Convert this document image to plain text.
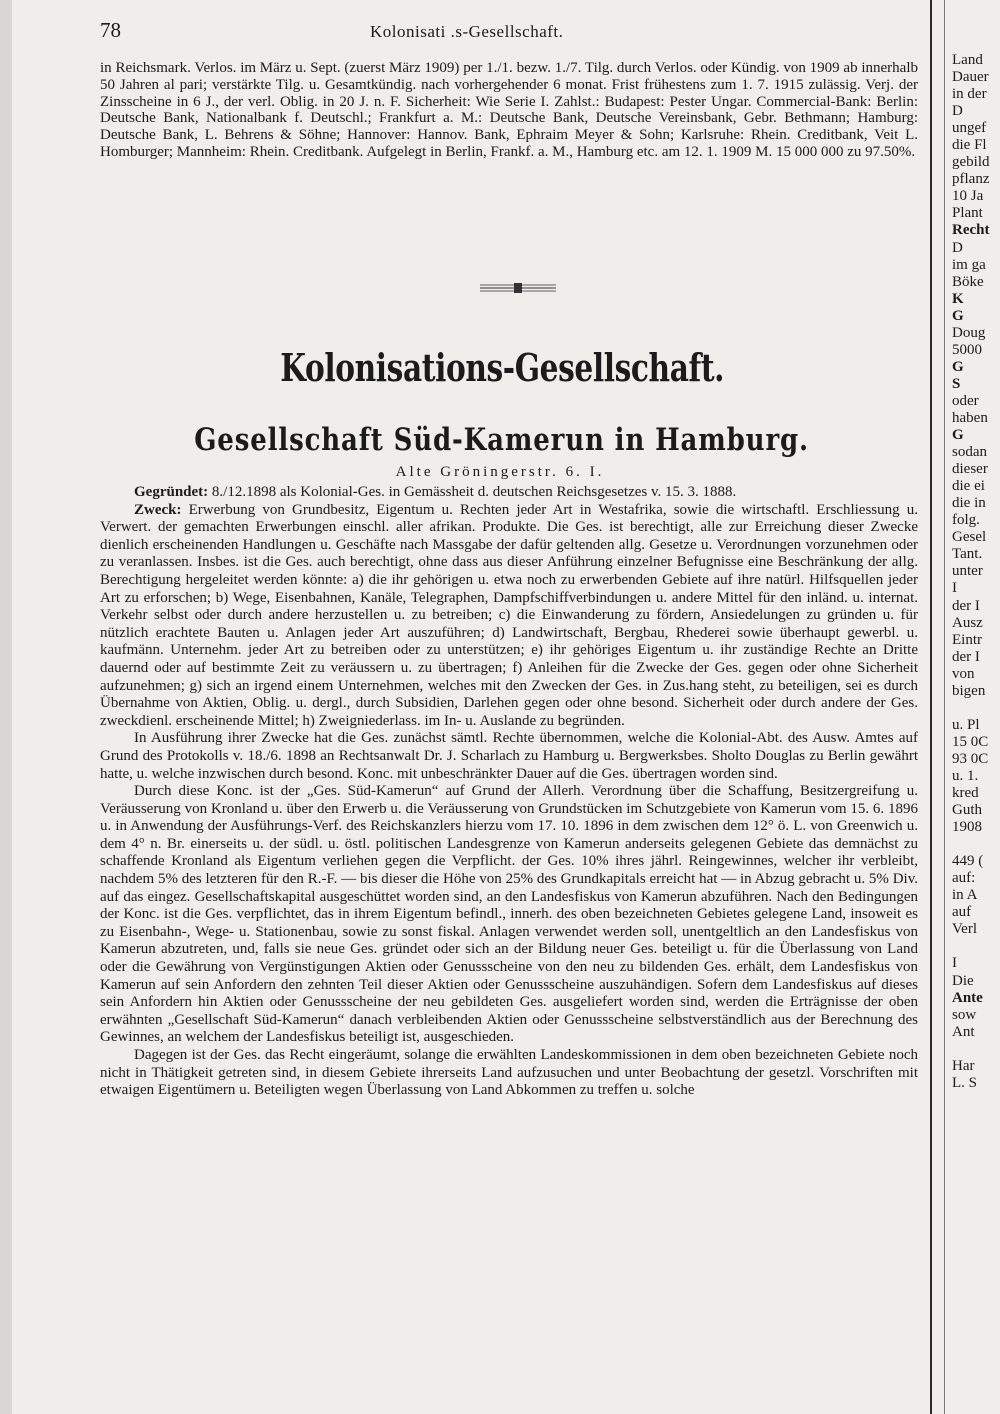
78	Kolonisati .s-Gesellschaft.

in Reichsmark. Verlos. im März u. Sept. (zuerst März 1909) per 1./1. bezw. 1./7. Tilg. durch Verlos. oder Kündig. von 1909 ab innerhalb 50 Jahren al pari; verstärkte Tilg. u. Gesamtkündig. nach vorhergehender 6 monat. Frist frühestens zum 1. 7. 1915 zulässig. Verj. der Zinsscheine in 6 J., der verl. Oblig. in 20 J. n. F. Sicherheit: Wie Serie I. Zahlst.: Budapest: Pester Ungar. Commercial-Bank: Berlin: Deutsche Bank, Nationalbank f. Deutschl.; Frankfurt a. M.: Deutsche Bank, Deutsche Vereinsbank, Gebr. Bethmann; Hamburg: Deutsche Bank, L. Behrens & Söhne; Hannover: Hannov. Bank, Ephraim Meyer & Sohn; Karlsruhe: Rhein. Creditbank, Veit L. Homburger; Mannheim: Rhein. Creditbank. Aufgelegt in Berlin, Frankf. a. M., Hamburg etc. am 12. 1. 1909 M. 15 000 000 zu 97.50%.

Kolonisations-Gesellschaft.
Gesellschaft Süd-Kamerun in Hamburg.
Alte Gröningerstr. 6. I.

Gegründet: 8./12.1898 als Kolonial-Ges. in Gemässheit d. deutschen Reichsgesetzes v. 15. 3. 1888.

Zweck: Erwerbung von Grundbesitz, Eigentum u. Rechten jeder Art in Westafrika, sowie die wirtschaftl. Erschliessung u. Verwert. der gemachten Erwerbungen einschl. aller afrikan. Produkte. Die Ges. ist berechtigt, alle zur Erreichung dieser Zwecke dienlich erscheinenden Handlungen u. Geschäfte nach Massgabe der dafür geltenden allg. Gesetze u. Verordnungen vorzunehmen oder zu veranlassen. Insbes. ist die Ges. auch berechtigt, ohne dass aus dieser Anführung einzelner Befugnisse eine Beschränkung der allg. Berechtigung hergeleitet werden könnte: a) die ihr gehörigen u. etwa noch zu erwerbenden Gebiete auf ihre natürl. Hilfsquellen jeder Art zu erforschen; b) Wege, Eisenbahnen, Kanäle, Telegraphen, Dampfschiffverbindungen u. andere Mittel für den inländ. u. internat. Verkehr selbst oder durch andere herzustellen u. zu betreiben; c) die Einwanderung zu fördern, Ansiedelungen zu gründen u. für nützlich erachtete Bauten u. Anlagen jeder Art auszuführen; d) Landwirtschaft, Bergbau, Rhederei sowie überhaupt gewerbl. u. kaufmänn. Unternehm. jeder Art zu betreiben oder zu unterstützen; e) ihr gehöriges Eigentum u. ihr zuständige Rechte an Dritte dauernd oder auf bestimmte Zeit zu veräussern u. zu übertragen; f) Anleihen für die Zwecke der Ges. gegen oder ohne Sicherheit aufzunehmen; g) sich an irgend einem Unternehmen, welches mit den Zwecken der Ges. in Zus.hang steht, zu beteiligen, sei es durch Übernahme von Aktien, Oblig. u. dergl., durch Subsidien, Darlehen gegen oder ohne besond. Sicherheit oder durch andere der Ges. zweckdienl. erscheinende Mittel; h) Zweigniederlass. im In- u. Auslande zu begründen.

In Ausführung ihrer Zwecke hat die Ges. zunächst sämtl. Rechte übernommen, welche die Kolonial-Abt. des Ausw. Amtes auf Grund des Protokolls v. 18./6. 1898 an Rechtsanwalt Dr. J. Scharlach zu Hamburg u. Bergwerksbes. Sholto Douglas zu Berlin gewährt hatte, u. welche inzwischen durch besond. Konc. mit unbeschränkter Dauer auf die Ges. übertragen worden sind.

Durch diese Konc. ist der „Ges. Süd-Kamerun“ auf Grund der Allerh. Verordnung über die Schaffung, Besitzergreifung u. Veräusserung von Kronland u. über den Erwerb u. die Veräusserung von Grundstücken im Schutzgebiete von Kamerun vom 15. 6. 1896 u. in Anwendung der Ausführungs-Verf. des Reichskanzlers hierzu vom 17. 10. 1896 in dem zwischen dem 12° ö. L. von Greenwich u. dem 4° n. Br. einerseits u. der südl. u. östl. politischen Landesgrenze von Kamerun anderseits gelegenen Gebiete das demnächst zu schaffende Kronland als Eigentum verliehen gegen die Verpflicht. der Ges. 10% ihres jährl. Reingewinnes, welcher ihr verbleibt, nachdem 5% des letzteren für den R.-F. — bis dieser die Höhe von 25% des Grundkapitals erreicht hat — in Abzug gebracht u. 5% Div. auf das eingez. Gesellschaftskapital ausgeschüttet worden sind, an den Landesfiskus von Kamerun abzuführen. Nach den Bedingungen der Konc. ist die Ges. verpflichtet, das in ihrem Eigentum befindl., innerh. des oben bezeichneten Gebietes gelegene Land, insoweit es zu Eisenbahn-, Wege- u. Stationenbau, sowie zu sonst fiskal. Anlagen verwendet werden soll, unentgeltlich an den Landesfiskus von Kamerun abzutreten, und, falls sie neue Ges. gründet oder sich an der Bildung neuer Ges. beteiligt u. für die Überlassung von Land oder die Gewährung von Vergünstigungen Aktien oder Genussscheine von den neu zu bildenden Ges. erhält, dem Landesfiskus von Kamerun auf sein Anfordern den zehnten Teil dieser Aktien oder Genussscheine auszuhändigen. Sofern dem Landesfiskus auf dieses sein Anfordern hin Aktien oder Genussscheine der neu gebildeten Ges. ausgeliefert worden sind, werden die Erträgnisse der oben erwähnten „Gesellschaft Süd-Kamerun“ danach verbleibenden Aktien oder Genussscheine selbstverständlich aus der Berechnung des Gewinnes, an welchem der Landesfiskus beteiligt ist, ausgeschieden.

Dagegen ist der Ges. das Recht eingeräumt, solange die erwählten Landeskommissionen in dem oben bezeichneten Gebiete noch nicht in Thätigkeit getreten sind, in diesem Gebiete ihrerseits Land aufzusuchen und unter Beobachtung der gesetzl. Vorschriften mit etwaigen Eigentümern u. Beteiligten wegen Überlassung von Land Abkommen zu treffen u. solche

Land
Dauer
in der
D
ungef
die Fl
gebild
pflanz
10 Ja
Plant
Recht
D
im ga
Böke
K
G
Doug
5000
G
S
oder
haben
G
sodan
dieser
die ei
die in
folg.
Gesel
Tant.
unter
I
der I
Ausz
Eintr
der I
von
bigen

u. Pl
15 0C
93 0C
u. 1.
kred
Guth
1908

449 (
auf:
in A
auf
Verl

I
Die
Ante
sow
Ant

Har
L. S
